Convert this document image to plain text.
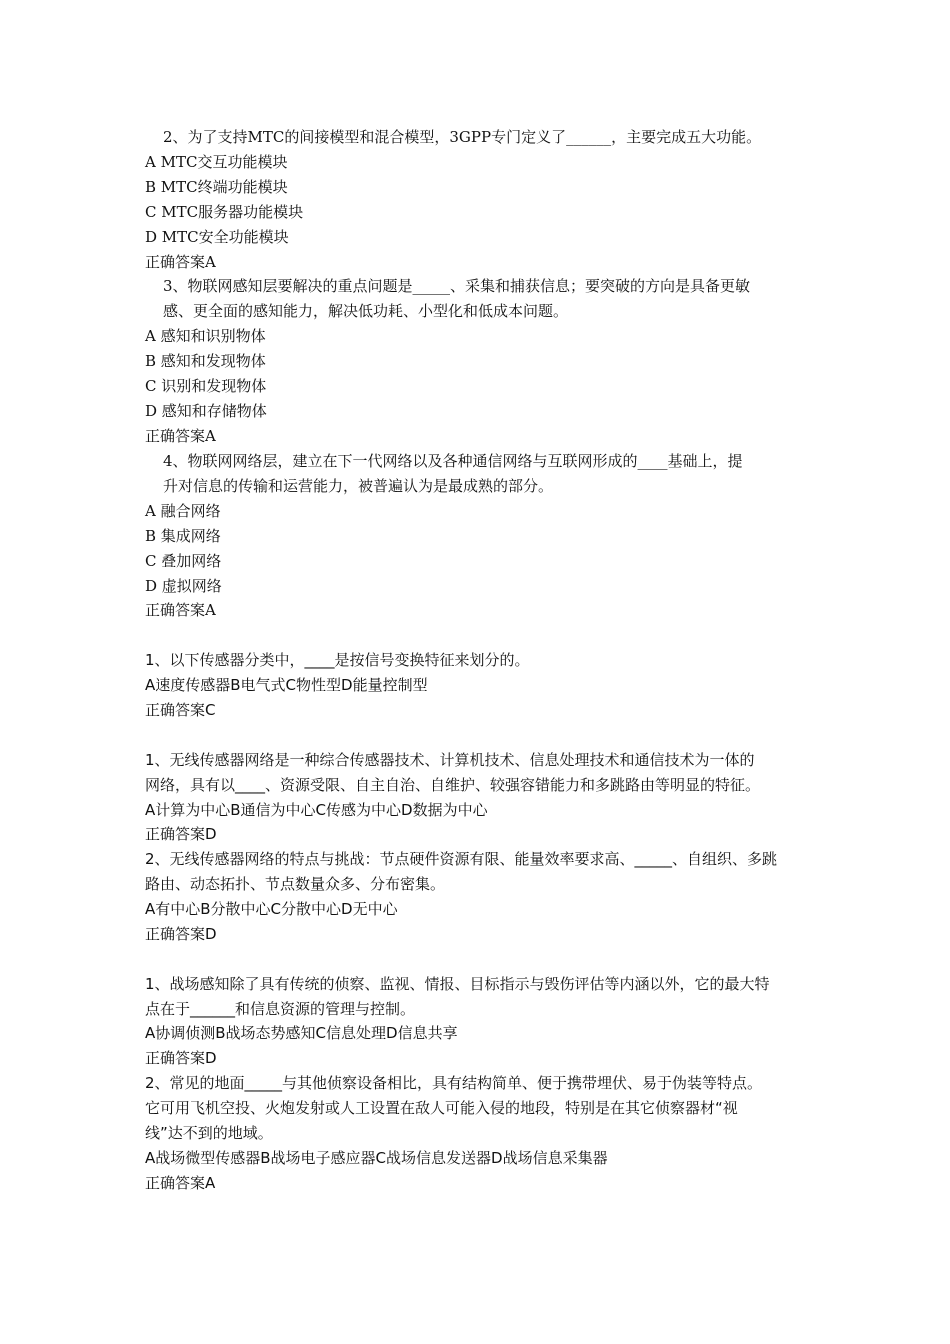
2、为了支持MTC的间接模型和混合模型，3GPP专门定义了______，主要完成五大功能。
A MTC交互功能模块
B MTC终端功能模块
C MTC服务器功能模块
D MTC安全功能模块
正确答案A
3、物联网感知层要解决的重点问题是_____、采集和捕获信息；要突破的方向是具备更敏
感、更全面的感知能力，解决低功耗、小型化和低成本问题。
A 感知和识别物体
B 感知和发现物体
C 识别和发现物体
D 感知和存储物体
正确答案A
4、物联网网络层，建立在下一代网络以及各种通信网络与互联网形成的____基础上，提
升对信息的传输和运营能力，被普遍认为是最成熟的部分。
A 融合网络
B 集成网络
C 叠加网络
D 虚拟网络
正确答案A
1、以下传感器分类中，____是按信号变换特征来划分的。
A速度传感器B电气式C物性型D能量控制型
正确答案C
1、无线传感器网络是一种综合传感器技术、计算机技术、信息处理技术和通信技术为一体的
网络，具有以____、资源受限、自主自治、自维护、较强容错能力和多跳路由等明显的特征。
A计算为中心B通信为中心C传感为中心D数据为中心
正确答案D
2、无线传感器网络的特点与挑战：节点硬件资源有限、能量效率要求高、_____、自组织、多跳
路由、动态拓扑、节点数量众多、分布密集。
A有中心B分散中心C分散中心D无中心
正确答案D
1、战场感知除了具有传统的侦察、监视、情报、目标指示与毁伤评估等内涵以外，它的最大特
点在于______和信息资源的管理与控制。
A协调侦测B战场态势感知C信息处理D信息共享
正确答案D
2、常见的地面_____与其他侦察设备相比，具有结构简单、便于携带埋伏、易于伪装等特点。
它可用飞机空投、火炮发射或人工设置在敌人可能入侵的地段，特别是在其它侦察器材“视
线”达不到的地域。
A战场微型传感器B战场电子感应器C战场信息发送器D战场信息采集器
正确答案A
